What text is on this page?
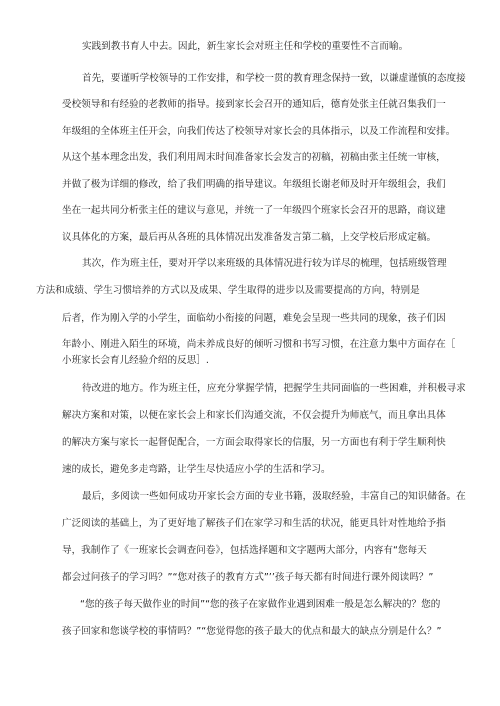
实践到教书育人中去。因此，新生家长会对班主任和学校的重要性不言而喻。
首先，要谨听学校领导的工作安排，和学校一贯的教育理念保持一致，以谦虚谨慎的态度接
受校领导和有经验的老教师的指导。接到家长会召开的通知后，德育处张主任就召集我们一
年级组的全体班主任开会，向我们传达了校领导对家长会的具体指示，以及工作流程和安排。
从这个基本理念出发，我们利用周末时间准备家长会发言的初稿，初稿由张主任统一审核，
并做了极为详细的修改，给了我们明确的指导建议。年级组长谢老师及时开年级组会，我们
坐在一起共同分析张主任的建议与意见，并统一了一年级四个班家长会召开的思路，商议建
议具体化的方案，最后再从各班的具体情况出发准备发言第二稿，上交学校后形成定稿。
其次，作为班主任，要对开学以来班级的具体情况进行较为详尽的梳理，包括班级管理
方法和成绩、学生习惯培养的方式以及成果、学生取得的进步以及需要提高的方向，特别是
后者，作为刚入学的小学生，面临幼小衔接的问题，难免会呈现一些共同的现象，孩子们因
年龄小、刚进入陌生的环境，尚未养成良好的倾听习惯和书写习惯，在注意力集中方面存在［
小班家长会育儿经验介绍的反思］.
待改进的地方。作为班主任，应充分掌握学情，把握学生共同面临的一些困难，并积极寻求
解决方案和对策，以便在家长会上和家长们沟通交流，不仅会提升为师底气，而且拿出具体
的解决方案与家长一起督促配合，一方面会取得家长的信服，另一方面也有利于学生顺利快
速的成长，避免多走弯路，让学生尽快适应小学的生活和学习。
最后，多阅读一些如何成功开家长会方面的专业书籍，汲取经验，丰富自己的知识储备。在
广泛阅读的基础上，为了更好地了解孩子们在家学习和生活的状况，能更具针对性地给予指
导，我制作了《一班家长会调查问卷》，包括选择题和文字题两大部分，内容有“您每天
都会过问孩子的学习吗？”“您对孩子的教育方式”’’孩子每天都有时间进行课外阅读吗？”
“您的孩子每天做作业的时间”“您的孩子在家做作业遇到困难一般是怎么解决的？您的
孩子回家和您谈学校的事情吗？”“您觉得您的孩子最大的优点和最大的缺点分别是什么？”
